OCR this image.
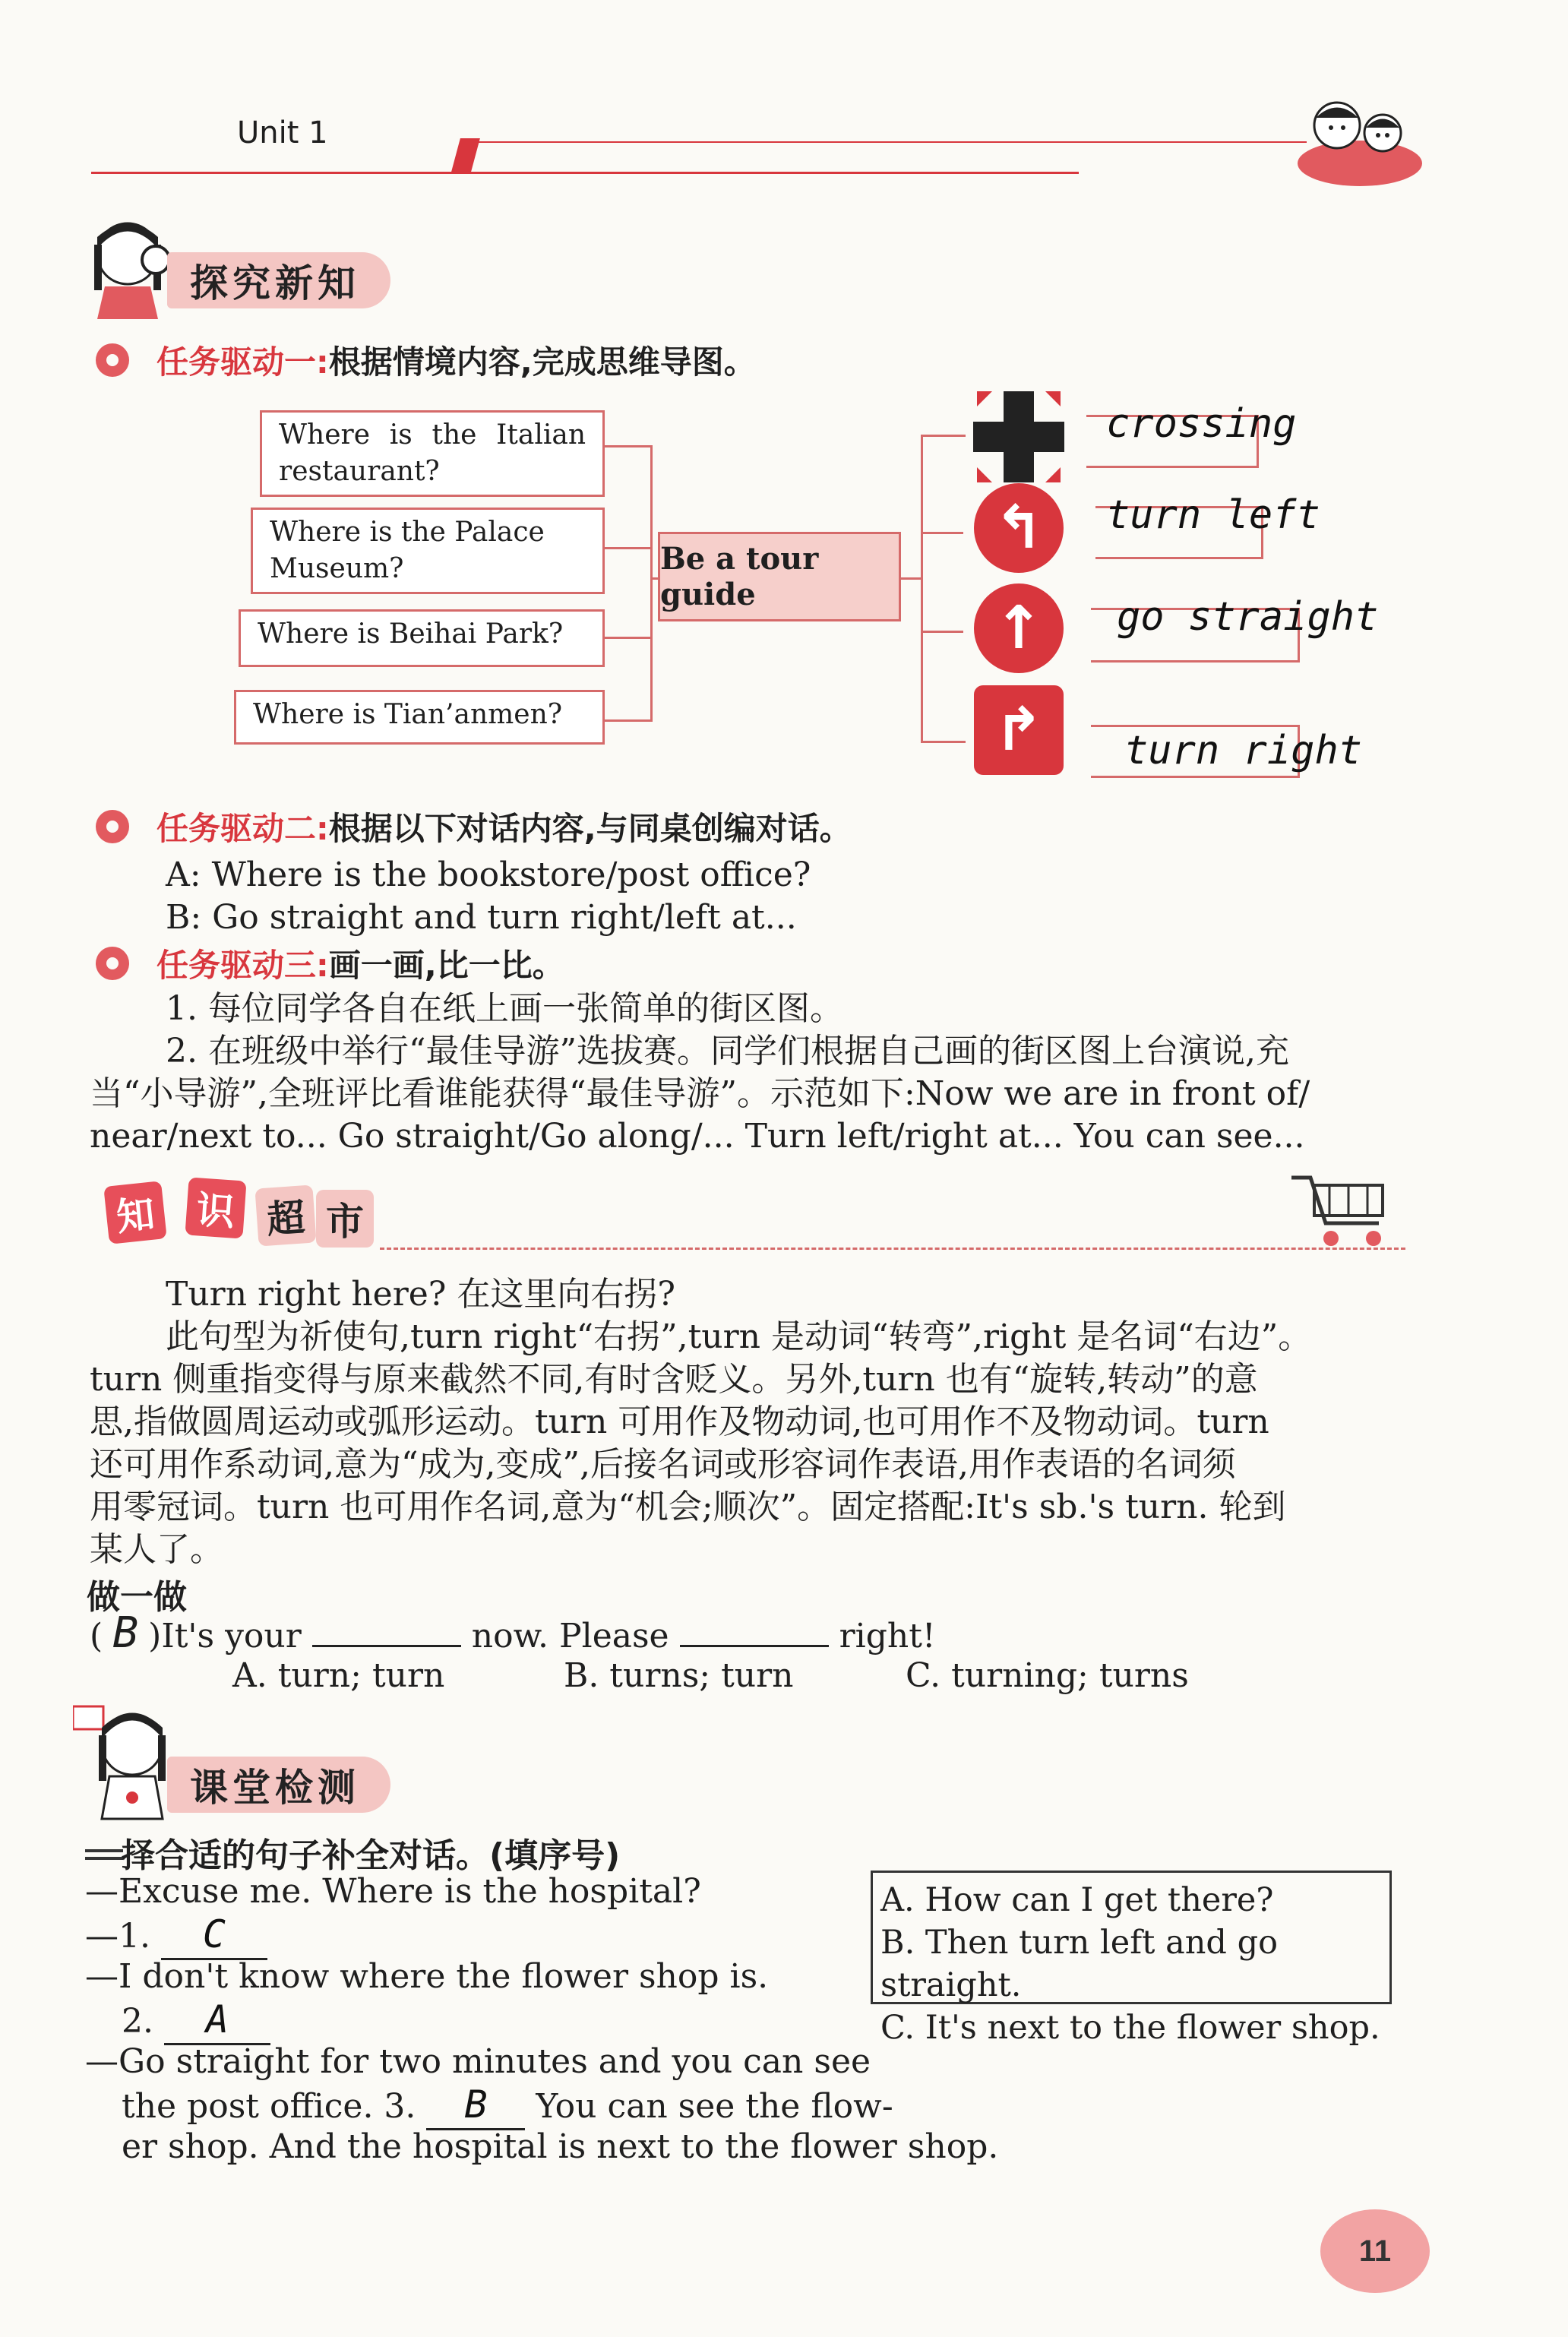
Unit 1
探究新知
任务驱动一:根据情境内容,完成思维导图。
Where is the Italian restaurant?
Where is the Palace Museum?
Where is Beihai Park?
Where is Tian’anmen?
Be a tour guide
↰
↑
↱
crossing
turn left
go straight
turn right
任务驱动二:根据以下对话内容,与同桌创编对话。
A: Where is the bookstore/post office?
B: Go straight and turn right/left at...
任务驱动三:画一画,比一比。
1. 每位同学各自在纸上画一张简单的街区图。
2. 在班级中举行“最佳导游”选拔赛。同学们根据自己画的街区图上台演说,充
当“小导游”,全班评比看谁能获得“最佳导游”。示范如下:Now we are in front of/
near/next to... Go straight/Go along/... Turn left/right at... You can see...
知 识 超 市
Turn right here? 在这里向右拐?
此句型为祈使句,turn right“右拐”,turn 是动词“转弯”,right 是名词“右边”。
turn 侧重指变得与原来截然不同,有时含贬义。另外,turn 也有“旋转,转动”的意
思,指做圆周运动或弧形运动。turn 可用作及物动词,也可用作不及物动词。turn
还可用作系动词,意为“成为,变成”,后接名词或形容词作表语,用作表语的名词须
用零冠词。turn 也可用作名词,意为“机会;顺次”。固定搭配:It's sb.'s turn. 轮到
某人了。
做一做
( B )It's your	now. Please	right!
A. turn; turn	B. turns; turn	C. turning; turns
课堂检测
择合适的句子补全对话。(填序号)
—Excuse me. Where is the hospital?
—1. C
—I don't know where the flower shop is.
2. A
—Go straight for two minutes and you can see
the post office. 3. B You can see the flow-
er shop. And the hospital is next to the flower shop.
A. How can I get there?
B. Then turn left and go straight.
C. It's next to the flower shop.
11
